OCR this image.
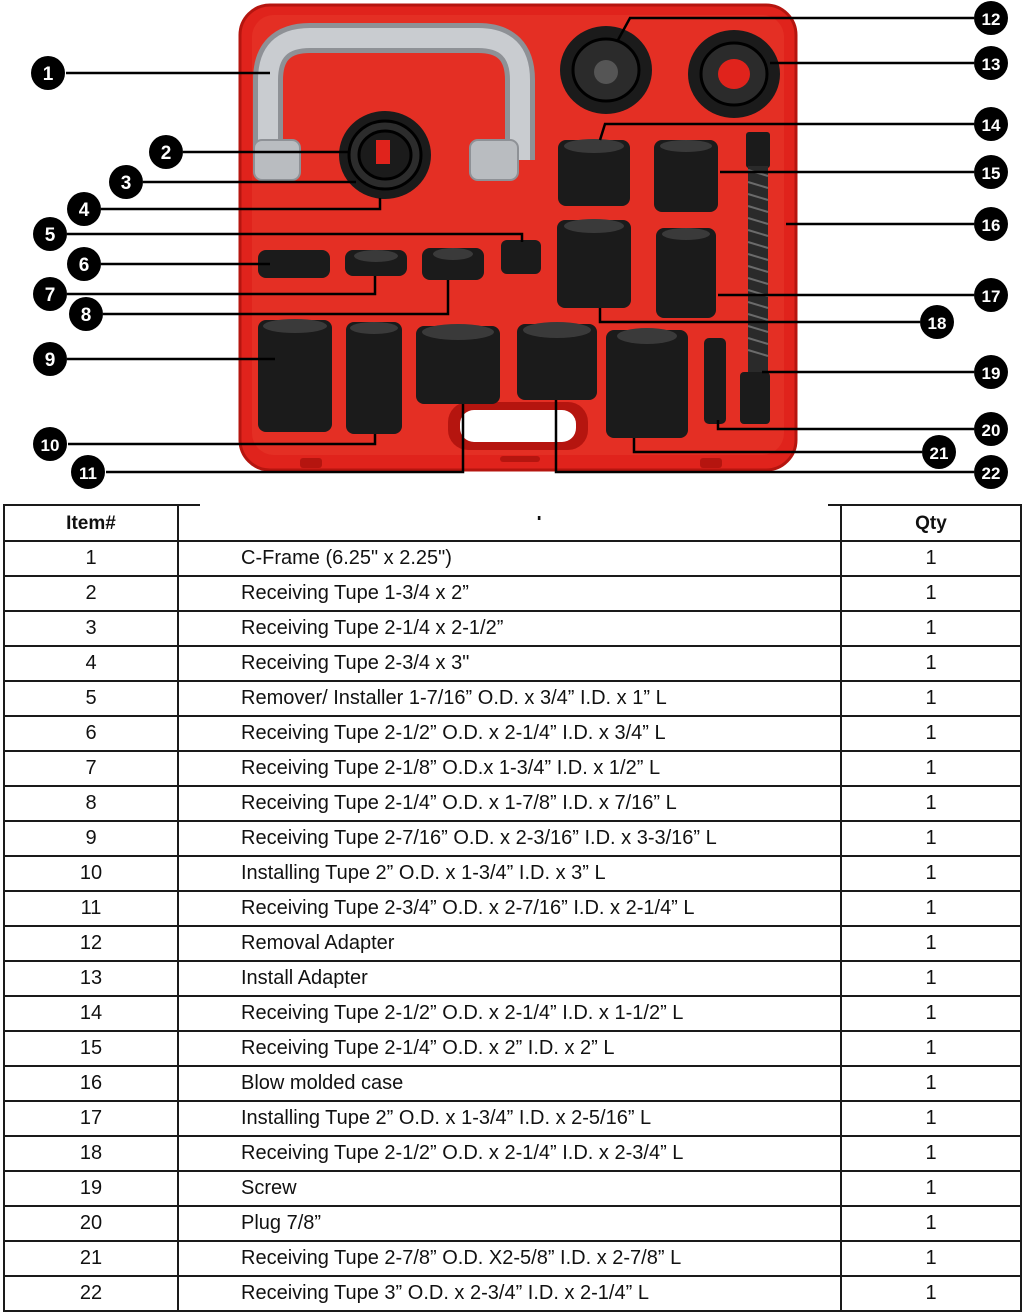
1
2
3
4
5
6
7
8
9
10
11
12
13
14
15
16
17
18
19
20
21
22
Item#		Qty
1	C-Frame (6.25" x 2.25")	1
2	Receiving Tupe 1-3/4 x 2”	1
3	Receiving Tupe 2-1/4 x 2-1/2”	1
4	Receiving Tupe 2-3/4 x 3"	1
5	Remover/ Installer 1-7/16” O.D. x 3/4” I.D. x 1” L	1
6	Receiving Tupe 2-1/2” O.D. x 2-1/4” I.D. x 3/4” L	1
7	Receiving Tupe 2-1/8” O.D.x 1-3/4” I.D. x 1/2” L	1
8	Receiving Tupe 2-1/4” O.D. x 1-7/8” I.D. x 7/16” L	1
9	Receiving Tupe 2-7/16” O.D. x 2-3/16” I.D. x 3-3/16” L	1
10	Installing Tupe 2” O.D. x 1-3/4” I.D. x 3” L	1
11	Receiving Tupe 2-3/4” O.D. x 2-7/16” I.D. x 2-1/4” L	1
12	Removal Adapter	1
13	Install Adapter	1
14	Receiving Tupe 2-1/2” O.D. x 2-1/4” I.D. x 1-1/2” L	1
15	Receiving Tupe 2-1/4” O.D. x 2” I.D. x 2” L	1
16	Blow molded case	1
17	Installing Tupe 2” O.D. x 1-3/4” I.D. x 2-5/16” L	1
18	Receiving Tupe 2-1/2” O.D. x 2-1/4” I.D. x 2-3/4” L	1
19	Screw	1
20	Plug 7/8”	1
21	Receiving Tupe 2-7/8” O.D. X2-5/8” I.D. x 2-7/8” L	1
22	Receiving Tupe 3” O.D. x 2-3/4” I.D. x 2-1/4” L	1
